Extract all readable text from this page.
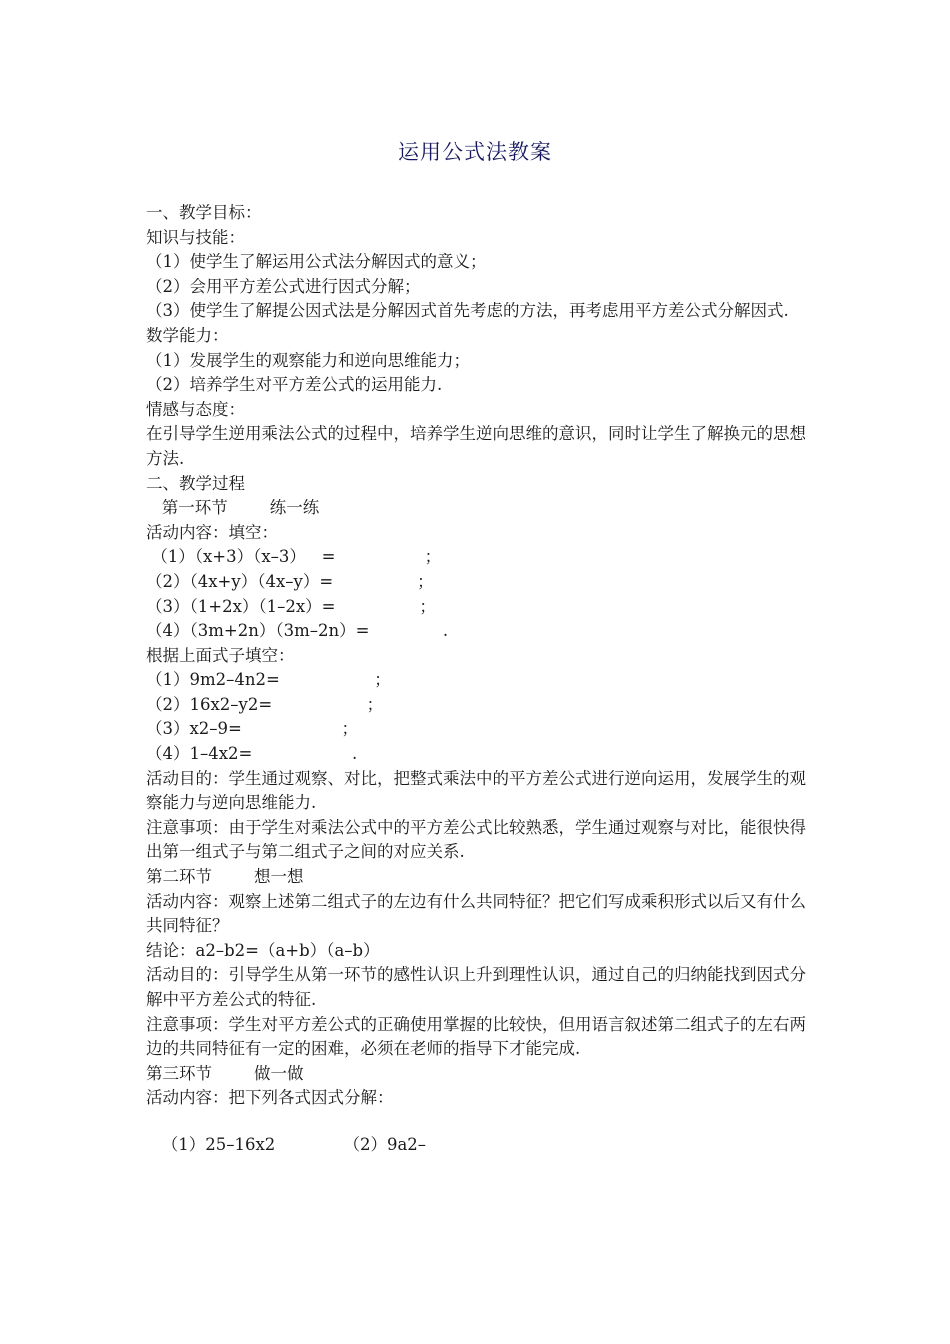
运用公式法教案
一、教学目标：
知识与技能：
（1）使学生了解运用公式法分解因式的意义；
（2）会用平方差公式进行因式分解；
（3）使学生了解提公因式法是分解因式首先考虑的方法，再考虑用平方差公式分解因式.
数学能力：
（1）发展学生的观察能力和逆向思维能力；
（2）培养学生对平方差公式的运用能力.
情感与态度：
在引导学生逆用乘法公式的过程中，培养学生逆向思维的意识，同时让学生了解换元的思想方法.
二、教学过程
第一环节        练一练
活动内容：填空：
（1）（x+3）（x–3）   =                 ；
（2）（4x+y）（4x–y）=                ；
（3）（1+2x）（1–2x）=                ；
（4）（3m+2n）（3m–2n）=              .
根据上面式子填空：
（1）9m2–4n2=                  ；
（2）16x2–y2=                  ；
（3）x2–9=                   ；
（4）1–4x2=                   .
活动目的：学生通过观察、对比，把整式乘法中的平方差公式进行逆向运用，发展学生的观察能力与逆向思维能力.
注意事项：由于学生对乘法公式中的平方差公式比较熟悉，学生通过观察与对比，能很快得出第一组式子与第二组式子之间的对应关系.
第二环节        想一想
活动内容：观察上述第二组式子的左边有什么共同特征？把它们写成乘积形式以后又有什么共同特征？
结论：a2–b2=（a+b）（a–b）
活动目的：引导学生从第一环节的感性认识上升到理性认识，通过自己的归纳能找到因式分解中平方差公式的特征.
注意事项：学生对平方差公式的正确使用掌握的比较快，但用语言叙述第二组式子的左右两边的共同特征有一定的困难，必须在老师的指导下才能完成.
第三环节        做一做
活动内容：把下列各式因式分解：
（1）25–16x2             （2）9a2–
